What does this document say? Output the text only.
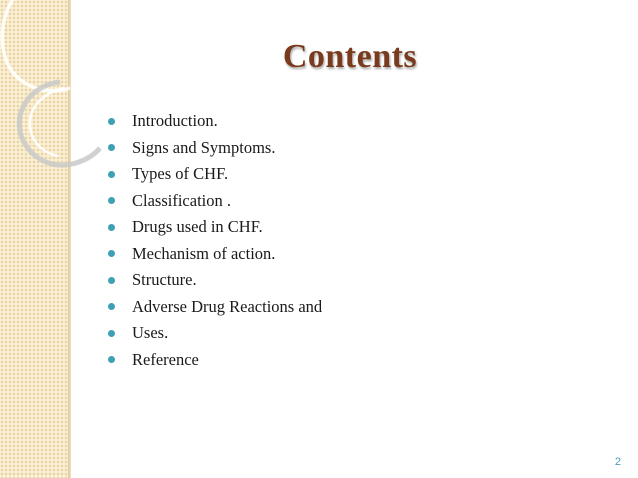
Contents
Introduction.
Signs and Symptoms.
Types of CHF.
Classification .
Drugs used in CHF.
Mechanism of action.
Structure.
Adverse Drug Reactions and
Uses.
Reference
2
